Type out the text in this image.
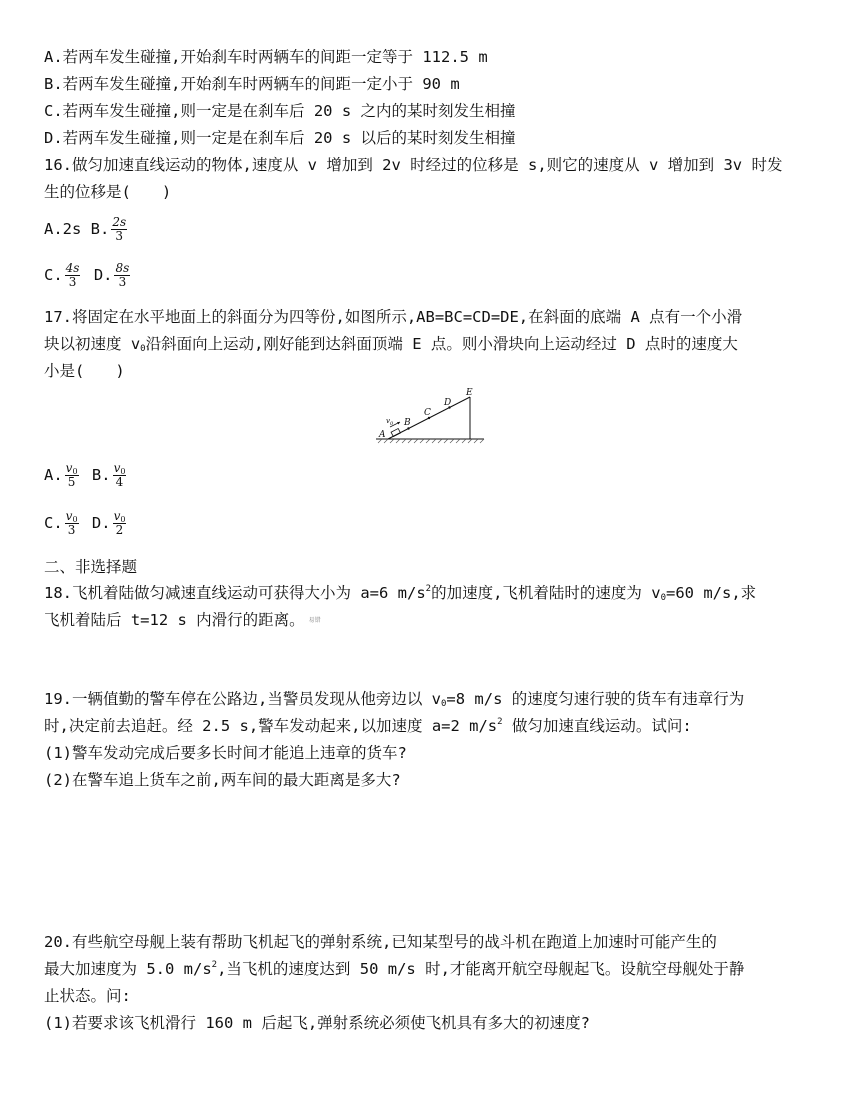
A.若两车发生碰撞,开始刹车时两辆车的间距一定等于 112.5 m
B.若两车发生碰撞,开始刹车时两辆车的间距一定小于 90 m
C.若两车发生碰撞,则一定是在刹车后 20 s 之内的某时刻发生相撞
D.若两车发生碰撞,则一定是在刹车后 20 s 以后的某时刻发生相撞
16.做匀加速直线运动的物体,速度从 v 增加到 2v 时经过的位移是 s,则它的速度从 v 增加到 3v 时发
生的位移是(　　)
A.2s B. $\frac{2s}{3}$
C. $\frac{4s}{3}$
D. $\frac{8s}{3}$
17.将固定在水平地面上的斜面分为四等份,如图所示,AB=BC=CD=DE,在斜面的底端 A 点有一个小滑
块以初速度 $v_0$沿斜面向上运动,刚好能到达斜面顶端 E 点。则小滑块向上运动经过 D 点时的速度大
小是(　　)
A
$v_0$ B
C
D
E
A. $\frac{v_0}{5}$
B. $\frac{v_0}{4}$
C. $\frac{v_0}{3}$
D. $\frac{v_0}{2}$
二、非选择题
18.飞机着陆做匀减速直线运动可获得大小为 a=6 $m/s^2$的加速度,飞机着陆时的速度为 $v_0=60$ m/s,求
飞机着陆后 t=12 s 内滑行的距离。 易错
19.一辆值勤的警车停在公路边,当警员发现从他旁边以 $v_0=8$ m/s 的速度匀速行驶的货车有违章行为
时,决定前去追赶。经 2.5 s,警车发动起来,以加速度 a=2 $m/s^2$ 做匀加速直线运动。试问:
(1)警车发动完成后要多长时间才能追上违章的货车?
(2)在警车追上货车之前,两车间的最大距离是多大?
20.有些航空母舰上装有帮助飞机起飞的弹射系统,已知某型号的战斗机在跑道上加速时可能产生的
最大加速度为 5.0 $m/s^2$,当飞机的速度达到 50 m/s 时,才能离开航空母舰起飞。设航空母舰处于静
止状态。问:
(1)若要求该飞机滑行 160 m 后起飞,弹射系统必须使飞机具有多大的初速度?
